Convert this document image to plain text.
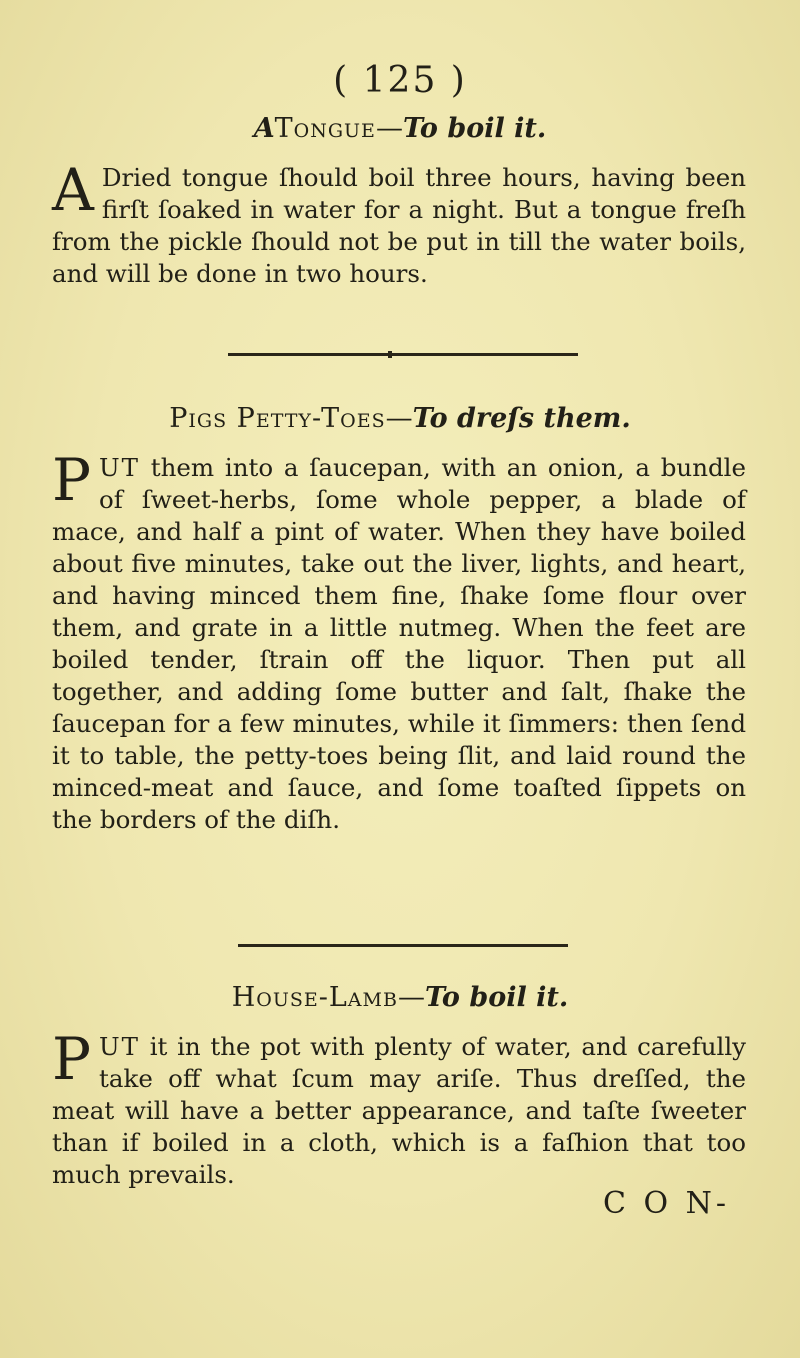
( 125 )
ATongue—To boil it.
A Dried tongue ſhould boil three hours, having been firſt ſoaked in water for a night. But a tongue freſh from the pickle ſhould not be put in till the water boils, and will be done in two hours.
Pigs Petty-Toes—To dreſs them.
PUT them into a ſaucepan, with an onion, a bundle of ſweet-herbs, ſome whole pepper, a blade of mace, and half a pint of water. When they have boiled about five minutes, take out the liver, lights, and heart, and having minced them fine, ſhake ſome flour over them, and grate in a little nutmeg. When the feet are boiled tender, ſtrain off the liquor. Then put all together, and adding ſome butter and ſalt, ſhake the ſaucepan for a few minutes, while it ſimmers: then ſend it to table, the petty-toes being ſlit, and laid round the minced-meat and ſauce, and ſome toaſted ſippets on the borders of the diſh.
House-Lamb—To boil it.
PUT it in the pot with plenty of water, and carefully take off what ſcum may ariſe. Thus dreſſed, the meat will have a better appearance, and taſte ſweeter than if boiled in a cloth, which is a faſhion that too much prevails.
C O N-
